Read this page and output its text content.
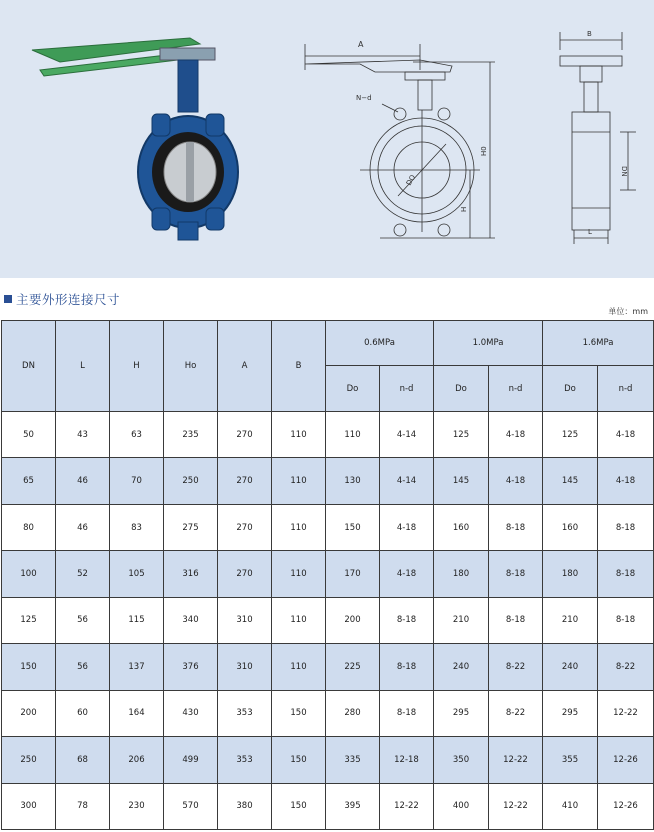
A
N−d
DO
H
H0
B
DN
L
主要外形连接尺寸
单位：mm
DN	L	H	Ho	A	B	0.6MPa		1.0MPa		1.6MPa	
						Do	n-d	Do	n-d	Do	n-d
50	43	63	235	270	110	110	4-14	125	4-18	125	4-18
65	46	70	250	270	110	130	4-14	145	4-18	145	4-18
80	46	83	275	270	110	150	4-18	160	8-18	160	8-18
100	52	105	316	270	110	170	4-18	180	8-18	180	8-18
125	56	115	340	310	110	200	8-18	210	8-18	210	8-18
150	56	137	376	310	110	225	8-18	240	8-22	240	8-22
200	60	164	430	353	150	280	8-18	295	8-22	295	12-22
250	68	206	499	353	150	335	12-18	350	12-22	355	12-26
300	78	230	570	380	150	395	12-22	400	12-22	410	12-26
